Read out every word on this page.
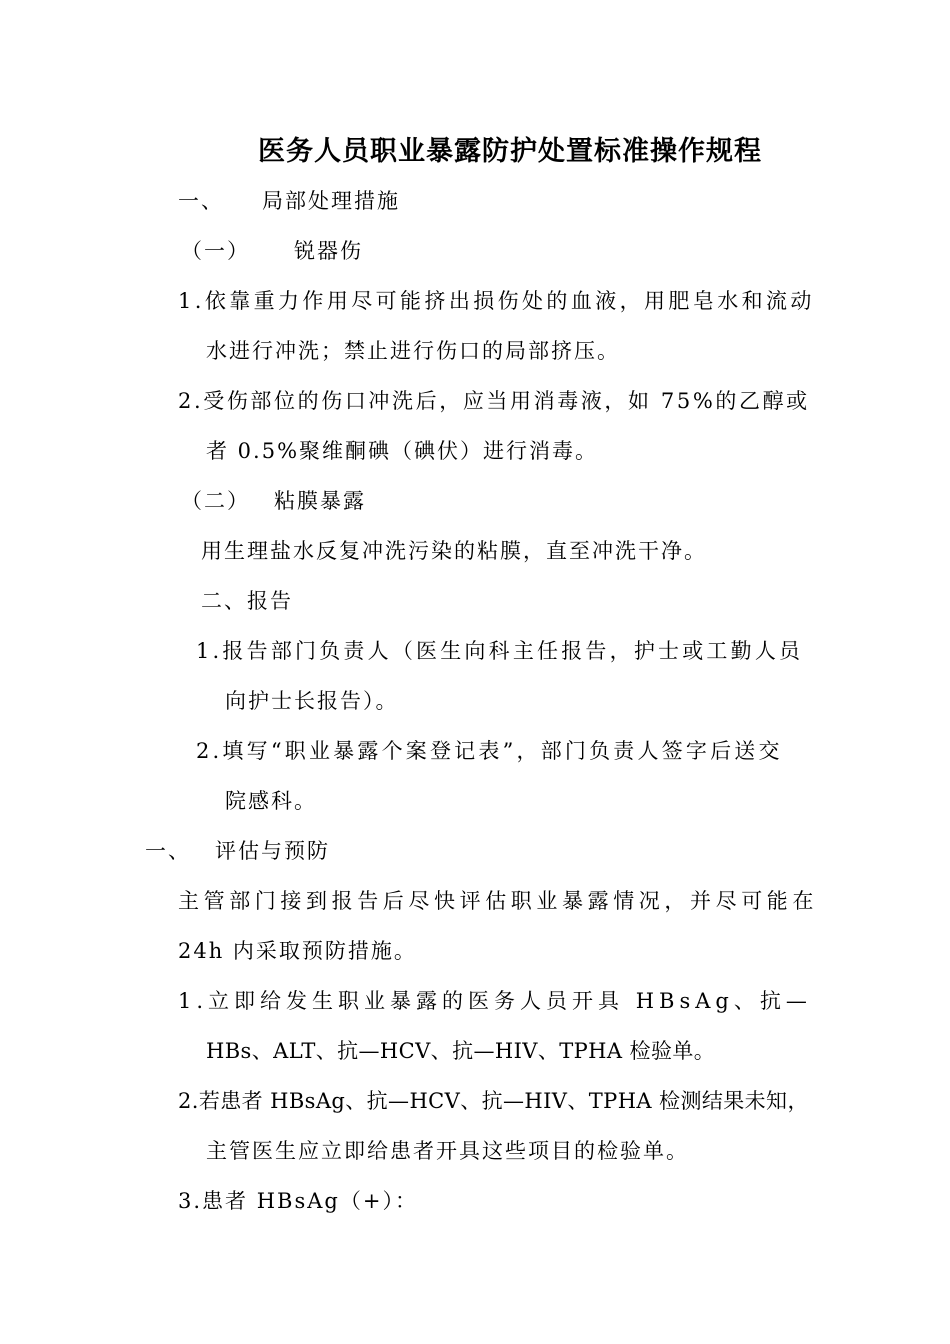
医务人员职业暴露防护处置标准操作规程
一、 局部处理措施
（一） 锐器伤
1.依靠重力作用尽可能挤出损伤处的血液，用肥皂水和流动
水进行冲洗；禁止进行伤口的局部挤压。
2.受伤部位的伤口冲洗后，应当用消毒液，如 75%的乙醇或
者 0.5%聚维酮碘（碘伏）进行消毒。
（二） 粘膜暴露
用生理盐水反复冲洗污染的粘膜，直至冲洗干净。
二、报告
1.报告部门负责人（医生向科主任报告，护士或工勤人员
向护士长报告）。
2.填写“职业暴露个案登记表”，部门负责人签字后送交
院感科。
一、 评估与预防
主管部门接到报告后尽快评估职业暴露情况，并尽可能在
24h 内采取预防措施。
1.立即给发生职业暴露的医务人员开具 HBsAg、抗—
HBs、ALT、抗—HCV、抗—HIV、TPHA 检验单。
2.若患者 HBsAg、抗—HCV、抗—HIV、TPHA 检测结果未知，
主管医生应立即给患者开具这些项目的检验单。
3.患者 HBsAg（+）：
